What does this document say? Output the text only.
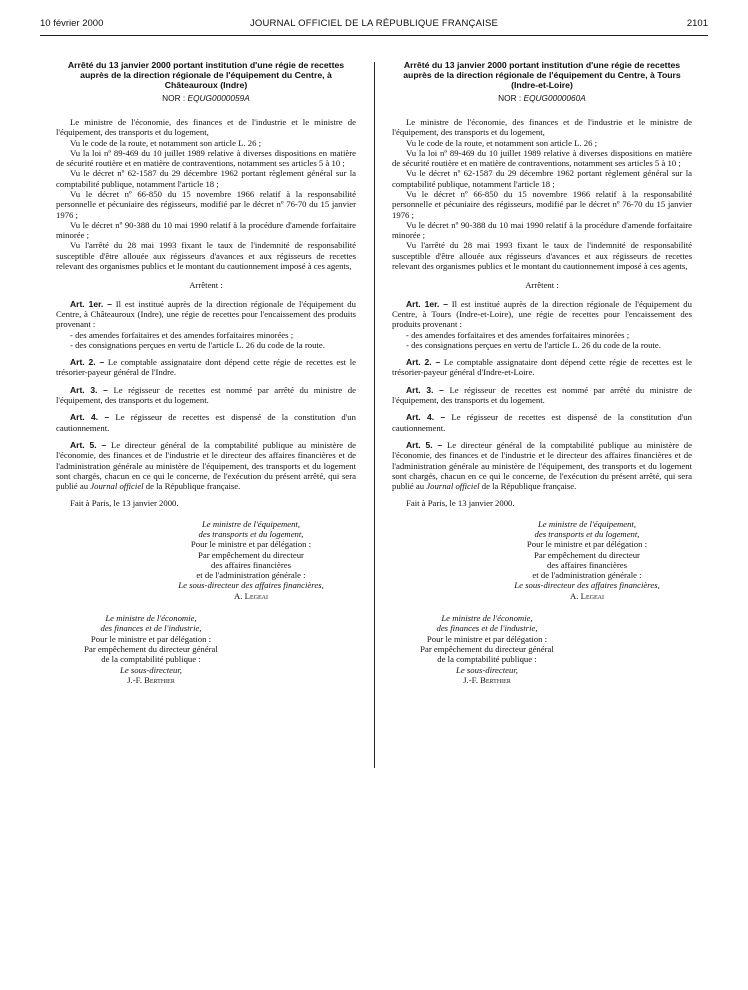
10 février 2000	JOURNAL OFFICIEL DE LA RÉPUBLIQUE FRANÇAISE	2101

Arrêté du 13 janvier 2000 portant institution d'une régie de recettes auprès de la direction régionale de l'équipement du Centre, à Châteauroux (Indre)

NOR : EQUG0000059A

Le ministre de l'économie, des finances et de l'industrie et le ministre de l'équipement, des transports et du logement,

Vu le code de la route, et notamment son article L. 26 ;

Vu la loi nº 89-469 du 10 juillet 1989 relative à diverses dispositions en matière de sécurité routière et en matière de contraventions, notamment ses articles 5 à 10 ;

Vu le décret nº 62-1587 du 29 décembre 1962 portant règlement général sur la comptabilité publique, notamment l'article 18 ;

Vu le décret nº 66-850 du 15 novembre 1966 relatif à la responsabilité personnelle et pécuniaire des régisseurs, modifié par le décret nº 76-70 du 15 janvier 1976 ;

Vu le décret nº 90-388 du 10 mai 1990 relatif à la procédure d'amende forfaitaire minorée ;

Vu l'arrêté du 28 mai 1993 fixant le taux de l'indemnité de responsabilité susceptible d'être allouée aux régisseurs d'avances et aux régisseurs de recettes relevant des organismes publics et le montant du cautionnement imposé à ces agents,

Arrêtent :

Art. 1er. – Il est institué auprès de la direction régionale de l'équipement du Centre, à Châteauroux (Indre), une régie de recettes pour l'encaissement des produits provenant :

- des amendes forfaitaires et des amendes forfaitaires minorées ;

- des consignations perçues en vertu de l'article L. 26 du code de la route.

Art. 2. – Le comptable assignataire dont dépend cette régie de recettes est le trésorier-payeur général de l'Indre.

Art. 3. – Le régisseur de recettes est nommé par arrêté du ministre de l'équipement, des transports et du logement.

Art. 4. – Le régisseur de recettes est dispensé de la constitution d'un cautionnement.

Art. 5. – Le directeur général de la comptabilité publique au ministère de l'économie, des finances et de l'industrie et le directeur des affaires financières et de l'administration générale au ministère de l'équipement, des transports et du logement sont chargés, chacun en ce qui le concerne, de l'exécution du présent arrêté, qui sera publié au Journal officiel de la République française.

Fait à Paris, le 13 janvier 2000.

Le ministre de l'équipement,
des transports et du logement,
Pour le ministre et par délégation :
Par empêchement du directeur
des affaires financières
et de l'administration générale :
Le sous-directeur des affaires financières,
A. Legeai
Le ministre de l'économie,
des finances et de l'industrie,
Pour le ministre et par délégation :
Par empêchement du directeur général
de la comptabilité publique :
Le sous-directeur,
J.-F. Berthier

Arrêté du 13 janvier 2000 portant institution d'une régie de recettes auprès de la direction régionale de l'équipement du Centre, à Tours (Indre-et-Loire)

NOR : EQUG0000060A

Le ministre de l'économie, des finances et de l'industrie et le ministre de l'équipement, des transports et du logement,

Vu le code de la route, et notamment son article L. 26 ;

Vu la loi nº 89-469 du 10 juillet 1989 relative à diverses dispositions en matière de sécurité routière et en matière de contraventions, notamment ses articles 5 à 10 ;

Vu le décret nº 62-1587 du 29 décembre 1962 portant règlement général sur la comptabilité publique, notamment l'article 18 ;

Vu le décret nº 66-850 du 15 novembre 1966 relatif à la responsabilité personnelle et pécuniaire des régisseurs, modifié par le décret nº 76-70 du 15 janvier 1976 ;

Vu le décret nº 90-388 du 10 mai 1990 relatif à la procédure d'amende forfaitaire minorée ;

Vu l'arrêté du 28 mai 1993 fixant le taux de l'indemnité de responsabilité susceptible d'être allouée aux régisseurs d'avances et aux régisseurs de recettes relevant des organismes publics et le montant du cautionnement imposé à ces agents,

Arrêtent :

Art. 1er. – Il est institué auprès de la direction régionale de l'équipement du Centre, à Tours (Indre-et-Loire), une régie de recettes pour l'encaissement des produits provenant :

- des amendes forfaitaires et des amendes forfaitaires minorées ;

- des consignations perçues en vertu de l'article L. 26 du code de la route.

Art. 2. – Le comptable assignataire dont dépend cette régie de recettes est le trésorier-payeur général d'Indre-et-Loire.

Art. 3. – Le régisseur de recettes est nommé par arrêté du ministre de l'équipement, des transports et du logement.

Art. 4. – Le régisseur de recettes est dispensé de la constitution d'un cautionnement.

Art. 5. – Le directeur général de la comptabilité publique au ministère de l'économie, des finances et de l'industrie et le directeur des affaires financières et de l'administration générale au ministère de l'équipement, des transports et du logement sont chargés, chacun en ce qui le concerne, de l'exécution du présent arrêté, qui sera publié au Journal officiel de la République française.

Fait à Paris, le 13 janvier 2000.

Le ministre de l'équipement,
des transports et du logement,
Pour le ministre et par délégation :
Par empêchement du directeur
des affaires financières
et de l'administration générale :
Le sous-directeur des affaires financières,
A. Legeai
Le ministre de l'économie,
des finances et de l'industrie,
Pour le ministre et par délégation :
Par empêchement du directeur général
de la comptabilité publique :
Le sous-directeur,
J.-F. Berthier
